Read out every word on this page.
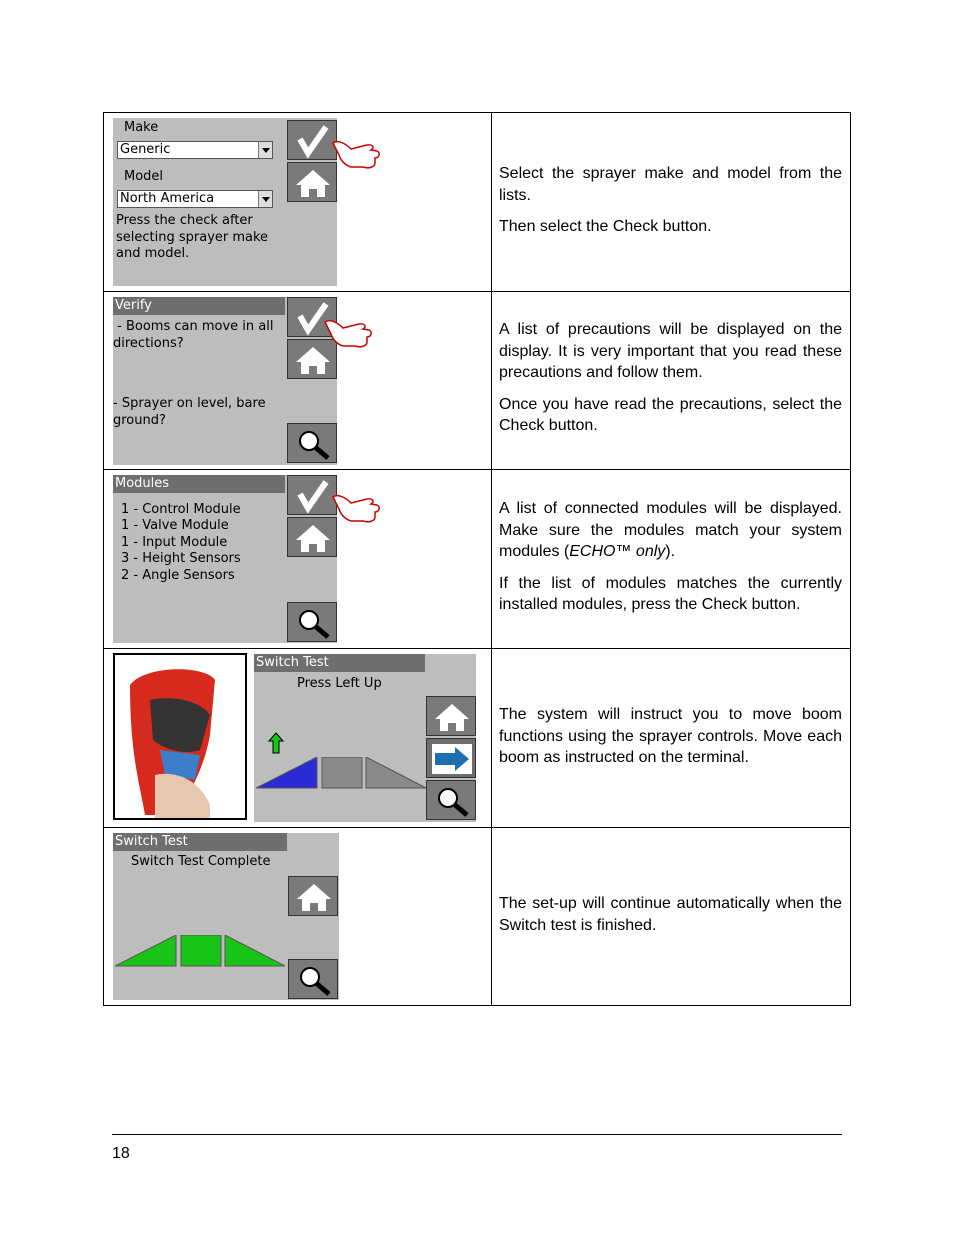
Make
Generic
Model
North America
Press the check after
selecting sprayer make
and model.

Select the sprayer make and model from the lists.

Then select the Check button.

Verify
- Booms can move in all
directions?
- Sprayer on level, bare
ground?

A list of precautions will be displayed on the display. It is very important that you read these precautions and follow them.

Once you have read the precautions, select the Check button.

Modules
1 - Control Module
1 - Valve Module
1 - Input Module
3 - Height Sensors
2 - Angle Sensors

A list of connected modules will be displayed. Make sure the modules match your system modules (ECHO™ only).

If the list of modules matches the currently installed modules, press the Check button.

Switch Test
Press Left Up

The system will instruct you to move boom functions using the sprayer controls. Move each boom as instructed on the terminal.

Switch Test
Switch Test Complete

The set-up will continue automatically when the Switch test is finished.

18
